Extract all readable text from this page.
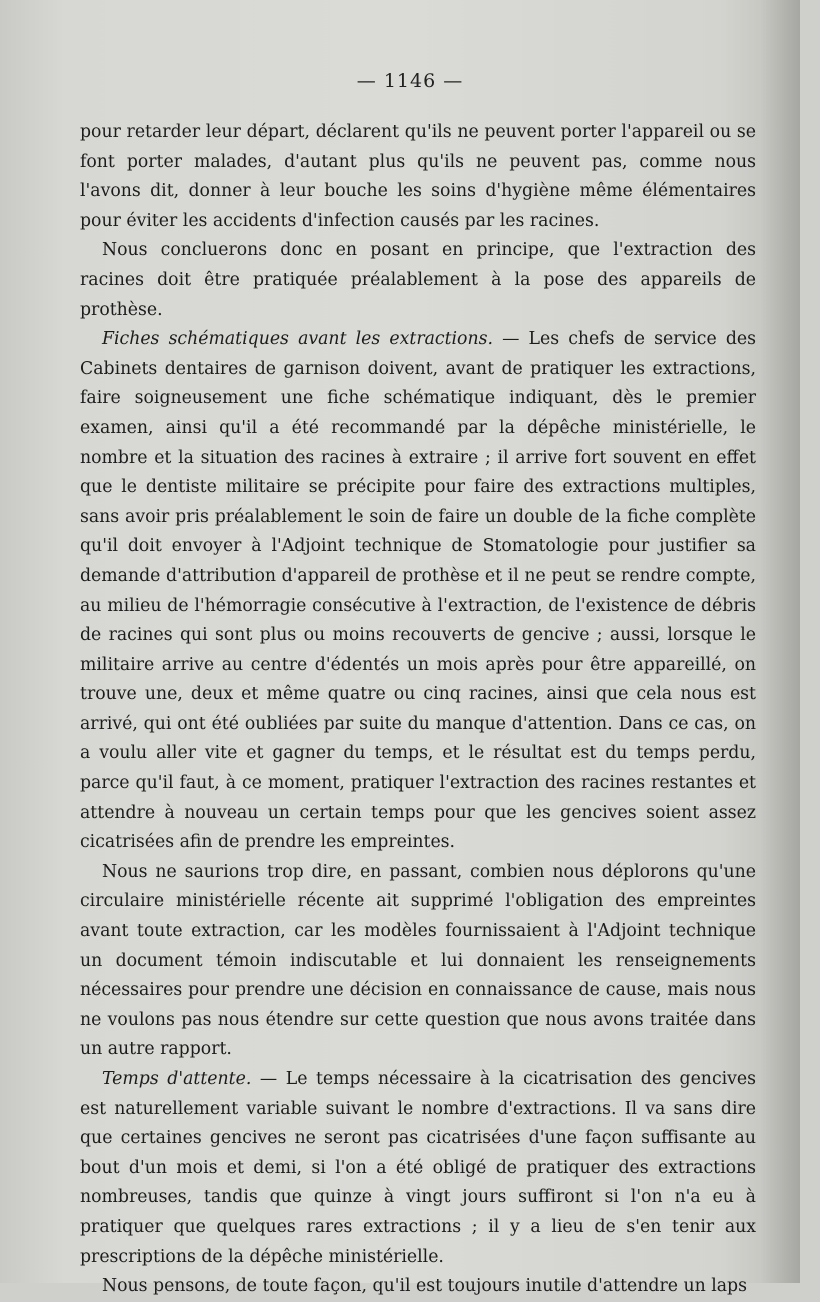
— 1146 —

pour retarder leur départ, déclarent qu'ils ne peuvent porter l'appareil ou se font porter malades, d'autant plus qu'ils ne peuvent pas, comme nous l'avons dit, donner à leur bouche les soins d'hygiène même élémentaires pour éviter les accidents d'infection causés par les racines.

Nous concluerons donc en posant en principe, que l'extraction des racines doit être pratiquée préalablement à la pose des appareils de prothèse.

Fiches schématiques avant les extractions. — Les chefs de service des Cabinets dentaires de garnison doivent, avant de pratiquer les extractions, faire soigneusement une fiche schématique indiquant, dès le premier examen, ainsi qu'il a été recommandé par la dépêche ministérielle, le nombre et la situation des racines à extraire ; il arrive fort souvent en effet que le dentiste militaire se précipite pour faire des extractions multiples, sans avoir pris préalablement le soin de faire un double de la fiche complète qu'il doit envoyer à l'Adjoint technique de Stomatologie pour justifier sa demande d'attribution d'appareil de prothèse et il ne peut se rendre compte, au milieu de l'hémorragie consécutive à l'extraction, de l'existence de débris de racines qui sont plus ou moins recouverts de gencive ; aussi, lorsque le militaire arrive au centre d'édentés un mois après pour être appareillé, on trouve une, deux et même quatre ou cinq racines, ainsi que cela nous est arrivé, qui ont été oubliées par suite du manque d'attention. Dans ce cas, on a voulu aller vite et gagner du temps, et le résultat est du temps perdu, parce qu'il faut, à ce moment, pratiquer l'extraction des racines restantes et attendre à nouveau un certain temps pour que les gencives soient assez cicatrisées afin de prendre les empreintes.

Nous ne saurions trop dire, en passant, combien nous déplorons qu'une circulaire ministérielle récente ait supprimé l'obligation des empreintes avant toute extraction, car les modèles fournissaient à l'Adjoint technique un document témoin indiscutable et lui donnaient les renseignements nécessaires pour prendre une décision en connaissance de cause, mais nous ne voulons pas nous étendre sur cette question que nous avons traitée dans un autre rapport.

Temps d'attente. — Le temps nécessaire à la cicatrisation des gencives est naturellement variable suivant le nombre d'extractions. Il va sans dire que certaines gencives ne seront pas cicatrisées d'une façon suffisante au bout d'un mois et demi, si l'on a été obligé de pratiquer des extractions nombreuses, tandis que quinze à vingt jours suffiront si l'on n'a eu à pratiquer que quelques rares extractions ; il y a lieu de s'en tenir aux prescriptions de la dépêche ministérielle.

Nous pensons, de toute façon, qu'il est toujours inutile d'attendre un laps
